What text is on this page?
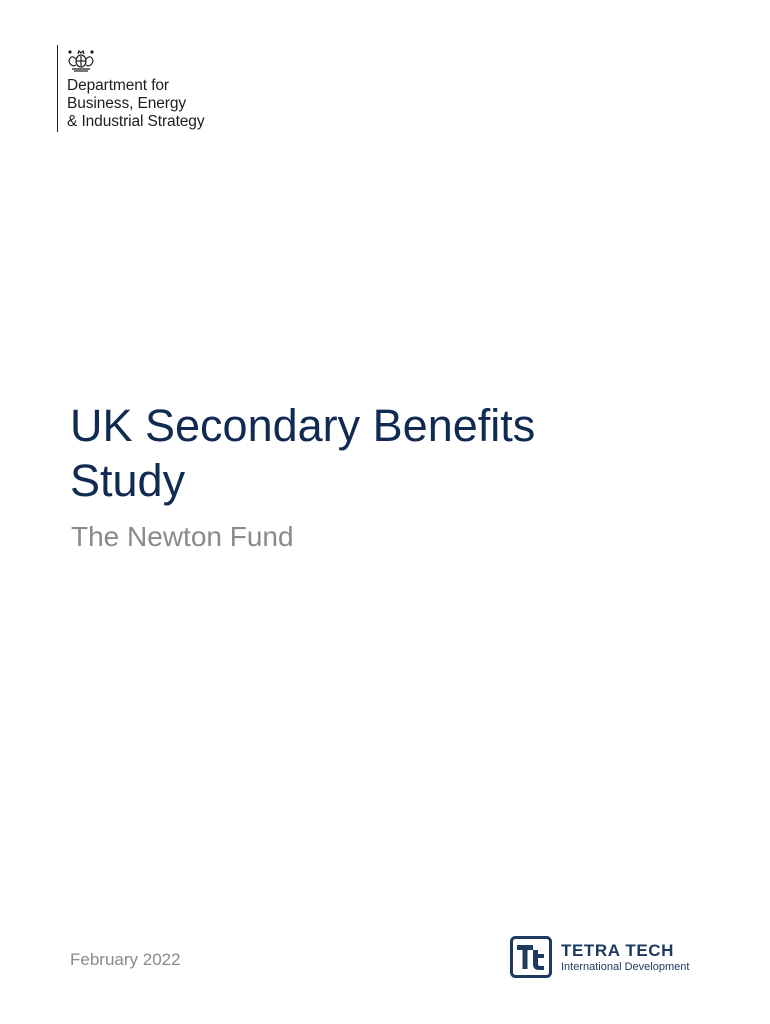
Department for
Business, Energy
& Industrial Strategy
UK Secondary Benefits
Study
The Newton Fund
February 2022	TETRA TECH
International Development
